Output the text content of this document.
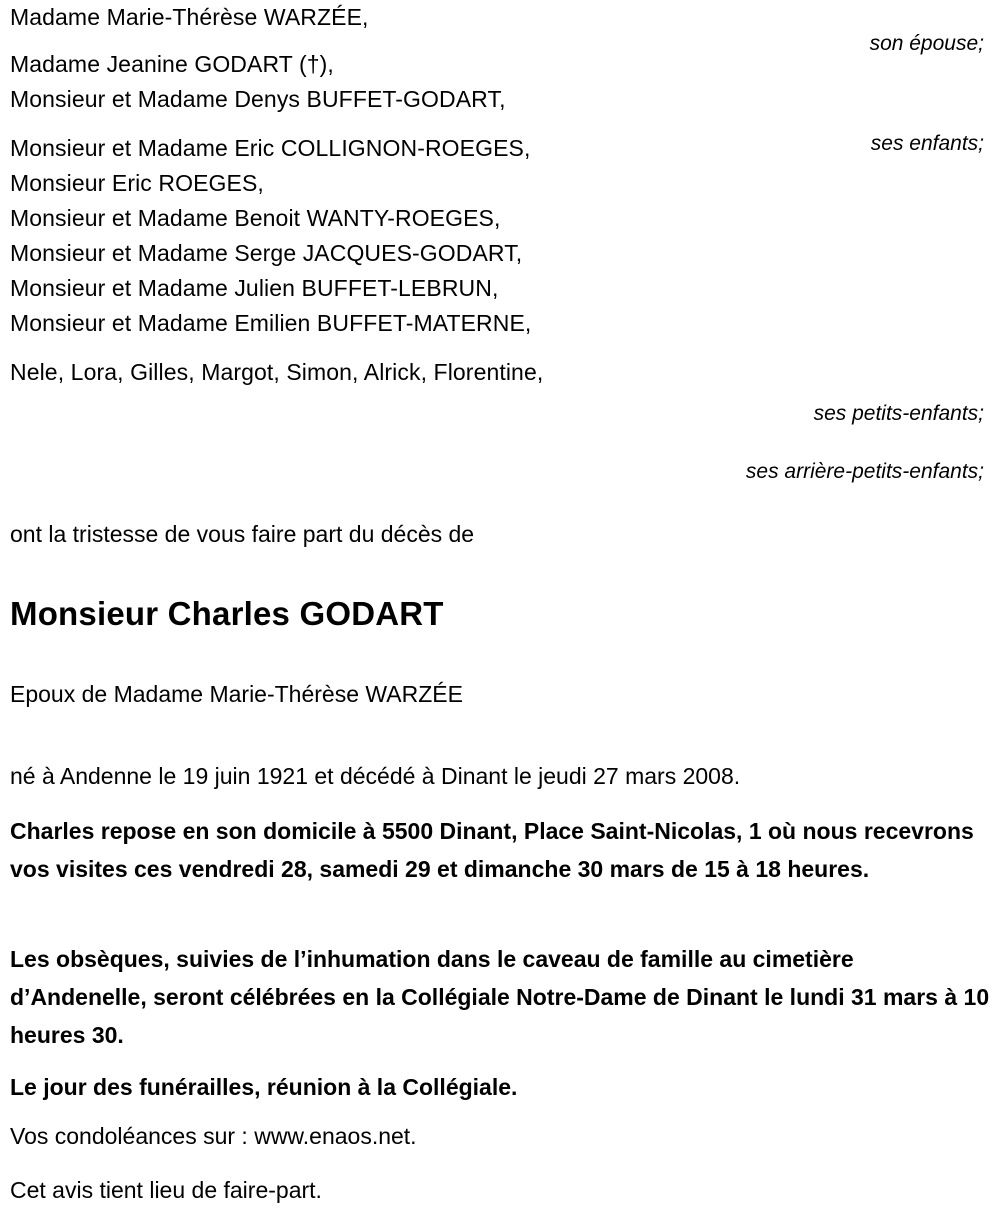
Madame Marie-Thérèse WARZÉE,
Madame Jeanine GODART (†),
Monsieur et Madame Denys BUFFET-GODART,
Monsieur et Madame Eric COLLIGNON-ROEGES,
Monsieur Eric ROEGES,
Monsieur et Madame Benoit WANTY-ROEGES,
Monsieur et Madame Serge JACQUES-GODART,
Monsieur et Madame Julien BUFFET-LEBRUN,
Monsieur et Madame Emilien BUFFET-MATERNE,
Nele, Lora, Gilles, Margot, Simon, Alrick, Florentine,
son épouse;
ses enfants;
ses petits-enfants;
ses arrière-petits-enfants;
ont la tristesse de vous faire part du décès de
Monsieur Charles GODART
Epoux de Madame Marie-Thérèse WARZÉE
né à Andenne le 19 juin 1921 et décédé à Dinant le jeudi 27 mars 2008.
Charles repose en son domicile à 5500 Dinant, Place Saint-Nicolas, 1 où nous recevrons vos visites ces vendredi 28, samedi 29 et dimanche 30 mars de 15 à 18 heures.
Les obsèques, suivies de l’inhumation dans le caveau de famille au cimetière d’Andenelle, seront célébrées en la Collégiale Notre-Dame de Dinant le lundi 31 mars à 10 heures 30.
Le jour des funérailles, réunion à la Collégiale.
Vos condoléances sur : www.enaos.net.
Cet avis tient lieu de faire-part.
